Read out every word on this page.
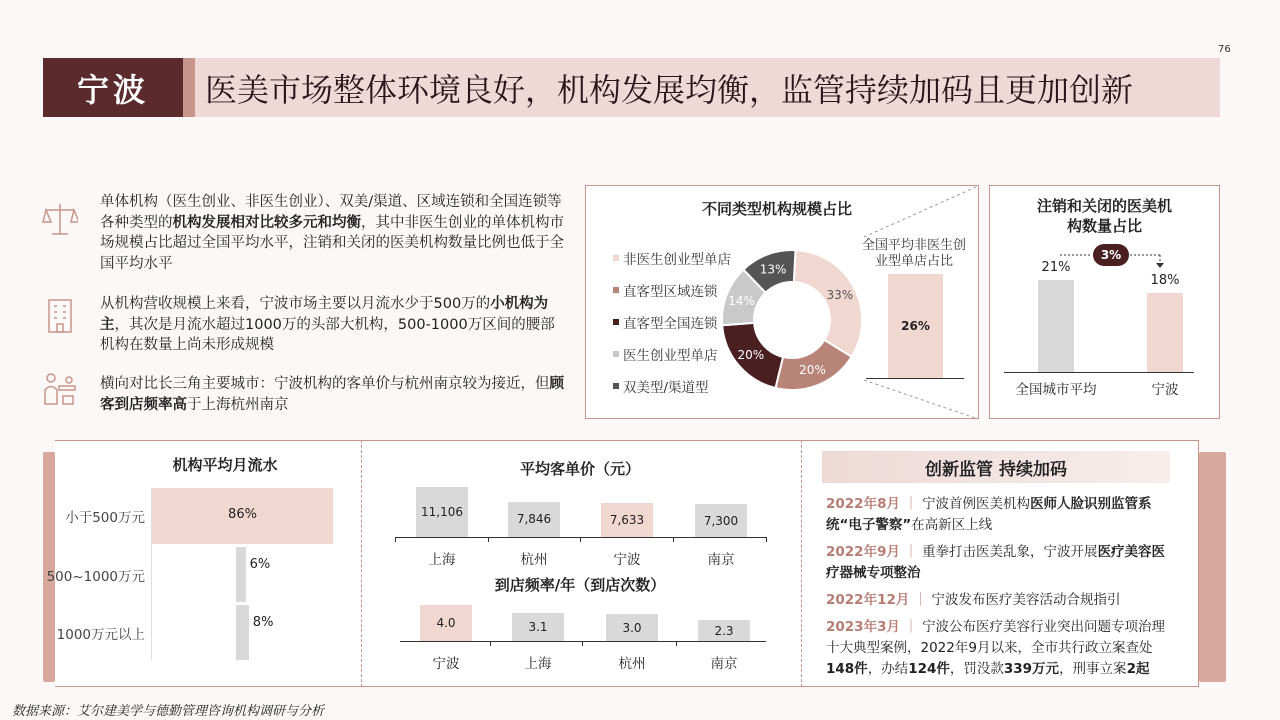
76
宁波	医美市场整体环境良好，机构发展均衡，监管持续加码且更加创新
单体机构（医生创业、非医生创业）、双美/渠道、区域连锁和全国连锁等各种类型的机构发展相对比较多元和均衡，其中非医生创业的单体机构市场规模占比超过全国平均水平，注销和关闭的医美机构数量比例也低于全国平均水平
从机构营收规模上来看，宁波市场主要以月流水少于500万的小机构为主，其次是月流水超过1000万的头部大机构，500-1000万区间的腰部机构在数量上尚未形成规模
横向对比长三角主要城市：宁波机构的客单价与杭州南京较为接近，但顾客到店频率高于上海杭州南京
不同类型机构规模占比
非医生创业型单店
直客型区域连锁
直客型全国连锁
医生创业型单店
双美型/渠道型
33%
20%
20%
14%
13%
全国平均非医生创业型单店占比
26%
注销和关闭的医美机构数量占比
3%
21%
全国城市平均
18%
宁波
机构平均月流水
小于500万元	86%
500~1000万元
6%
1000万元以上
8%
平均客单价（元）
11,106
上海
7,846
杭州
7,633
宁波
7,300
南京
到店频率/年（到店次数）
4.0
宁波
3.1
上海
3.0
杭州
2.3
南京
创新监管 持续加码
2022年8月 ｜ 宁波首例医美机构医师人脸识别监管系统“电子警察”在高新区上线
2022年9月 ｜ 重拳打击医美乱象，宁波开展医疗美容医疗器械专项整治
2022年12月 ｜ 宁波发布医疗美容活动合规指引
2023年3月 ｜ 宁波公布医疗美容行业突出问题专项治理十大典型案例，2022年9月以来，全市共行政立案查处148件，办结124件，罚没款339万元，刑事立案2起
数据来源：艾尔建美学与德勤管理咨询机构调研与分析
